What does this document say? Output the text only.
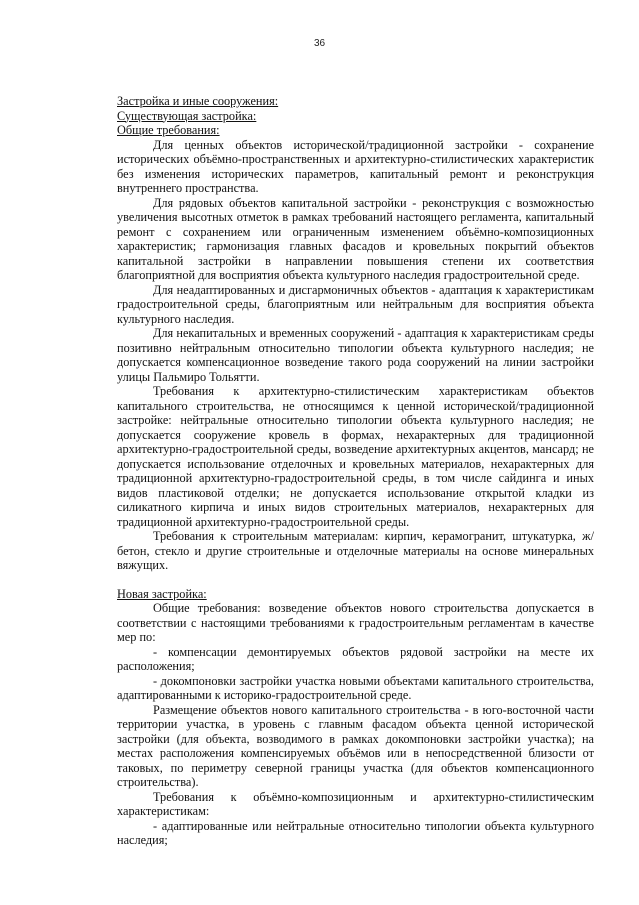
36

Застройка и иные сооружения:

Существующая застройка:

Общие требования:

Для ценных объектов исторической/традиционной застройки - сохранение исторических объёмно-пространственных и архитектурно-стилистических характеристик без изменения исторических параметров, капитальный ремонт и реконструкция внутреннего пространства.

Для рядовых объектов капитальной застройки - реконструкция с возможностью увеличения высотных отметок в рамках требований настоящего регламента, капитальный ремонт с сохранением или ограниченным изменением объёмно-композиционных характеристик; гармонизация главных фасадов и кровельных покрытий объектов капитальной застройки в направлении повышения степени их соответствия благоприятной для восприятия объекта культурного наследия градостроительной среде.

Для неадаптированных и дисгармоничных объектов - адаптация к характеристикам градостроительной среды, благоприятным или нейтральным для восприятия объекта культурного наследия.

Для некапитальных и временных сооружений - адаптация к характеристикам среды позитивно нейтральным относительно типологии объекта культурного наследия; не допускается компенсационное возведение такого рода сооружений на линии застройки улицы Пальмиро Тольятти.

Требования к архитектурно-стилистическим характеристикам объектов капитального строительства, не относящимся к ценной исторической/традиционной застройке: нейтральные относительно типологии объекта культурного наследия; не допускается сооружение кровель в формах, нехарактерных для традиционной архитектурно-градостроительной среды, возведение архитектурных акцентов, мансард; не допускается использование отделочных и кровельных материалов, нехарактерных для традиционной архитектурно-градостроительной среды, в том числе сайдинга и иных видов пластиковой отделки; не допускается использование открытой кладки из силикатного кирпича и иных видов строительных материалов, нехарактерных для традиционной архитектурно-градостроительной среды.

Требования к строительным материалам: кирпич, керамогранит, штукатурка, ж/бетон, стекло и другие строительные и отделочные материалы на основе минеральных вяжущих.

Новая застройка:

Общие требования: возведение объектов нового строительства допускается в соответствии с настоящими требованиями к градостроительным регламентам в качестве мер по:

- компенсации демонтируемых объектов рядовой застройки на месте их расположения;

- докомпоновки застройки участка новыми объектами капитального строительства, адаптированными к историко-градостроительной среде.

Размещение объектов нового капитального строительства - в юго-восточной части территории участка, в уровень с главным фасадом объекта ценной исторической застройки (для объекта, возводимого в рамках докомпоновки застройки участка); на местах расположения компенсируемых объёмов или в непосредственной близости от таковых, по периметру северной границы участка (для объектов компенсационного строительства).

Требования к объёмно-композиционным и архитектурно-стилистическим характеристикам:

- адаптированные или нейтральные относительно типологии объекта культурного наследия;
